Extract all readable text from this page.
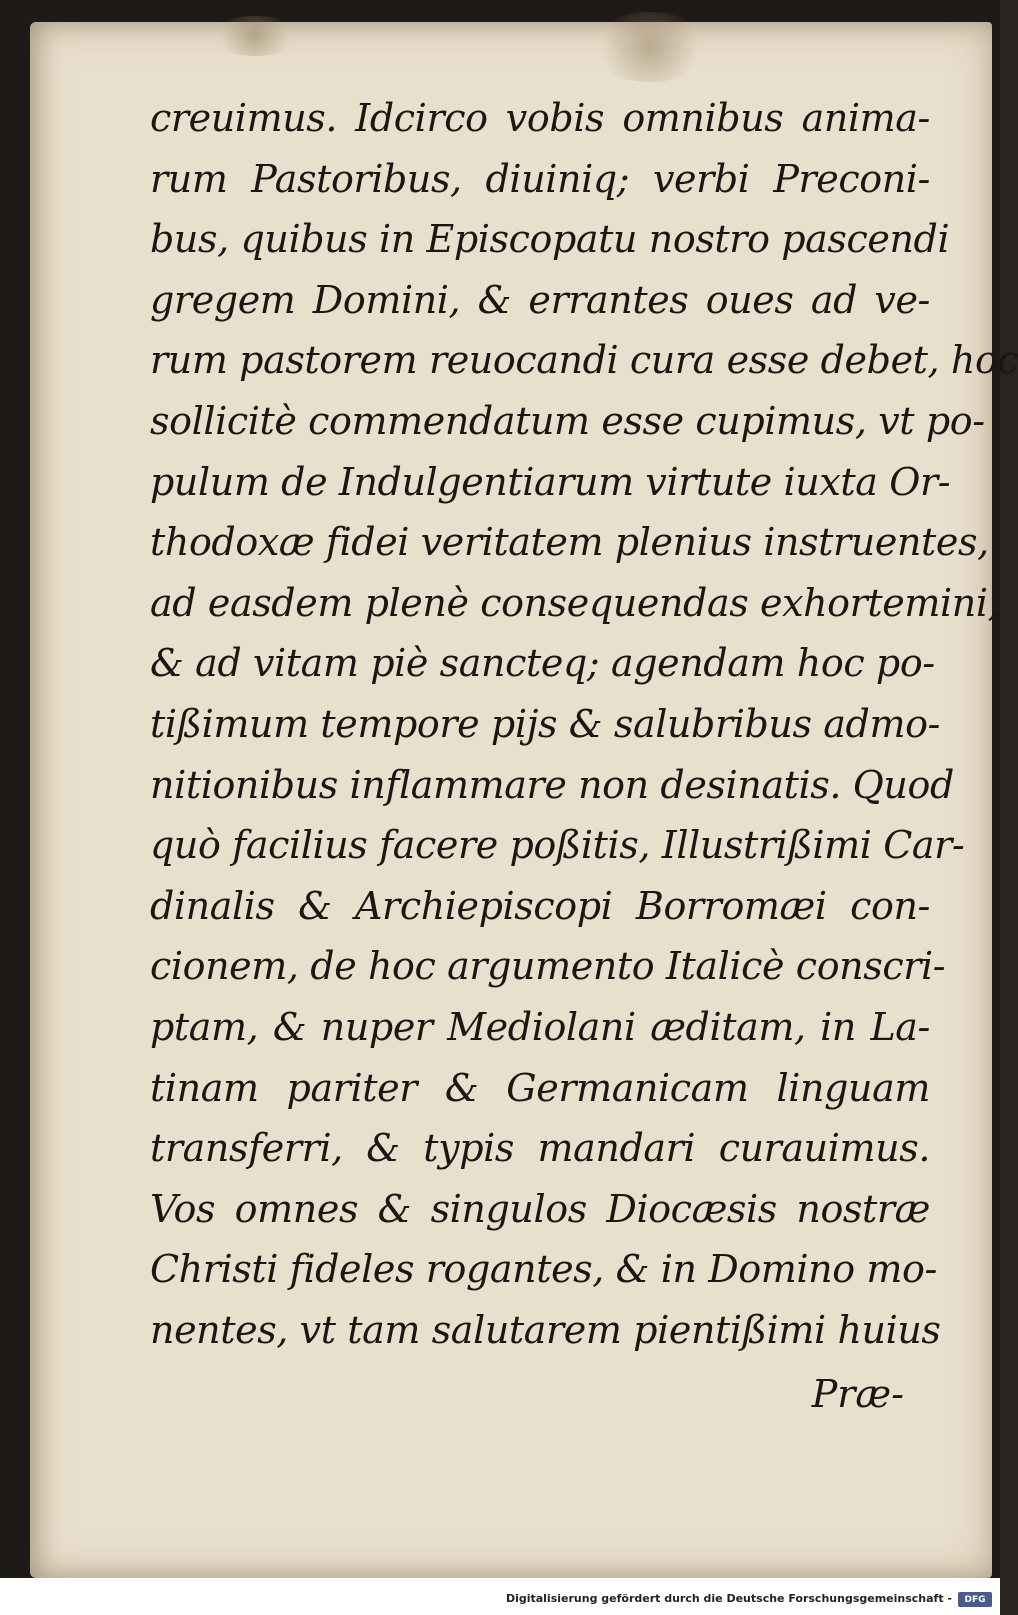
creuimus. Idcirco vobis omnibus anima-
rum Pastoribus, diuiniq; verbi Preconi-
bus, quibus in Episcopatu nostro pascendi
gregem Domini, & errantes oues ad ve-
rum pastorem reuocandi cura esse debet, hoc
sollicitè commendatum esse cupimus, vt po-
pulum de Indulgentiarum virtute iuxta Or-
thodoxæ fidei veritatem plenius instruentes,
ad easdem plenè consequendas exhortemini,
& ad vitam piè sancteq; agendam hoc po-
tißimum tempore pijs & salubribus admo-
nitionibus inflammare non desinatis. Quod
quò facilius facere poßitis, Illustrißimi Car-
dinalis & Archiepiscopi Borromæi con-
cionem, de hoc argumento Italicè conscri-
ptam, & nuper Mediolani æditam, in La-
tinam pariter & Germanicam linguam
transferri, & typis mandari curauimus.
Vos omnes & singulos Diocæsis nostræ
Christi fideles rogantes, & in Domino mo-
nentes, vt tam salutarem pientißimi huius
Præ-
Digitalisierung gefördert durch die Deutsche Forschungsgemeinschaft -	DFG
